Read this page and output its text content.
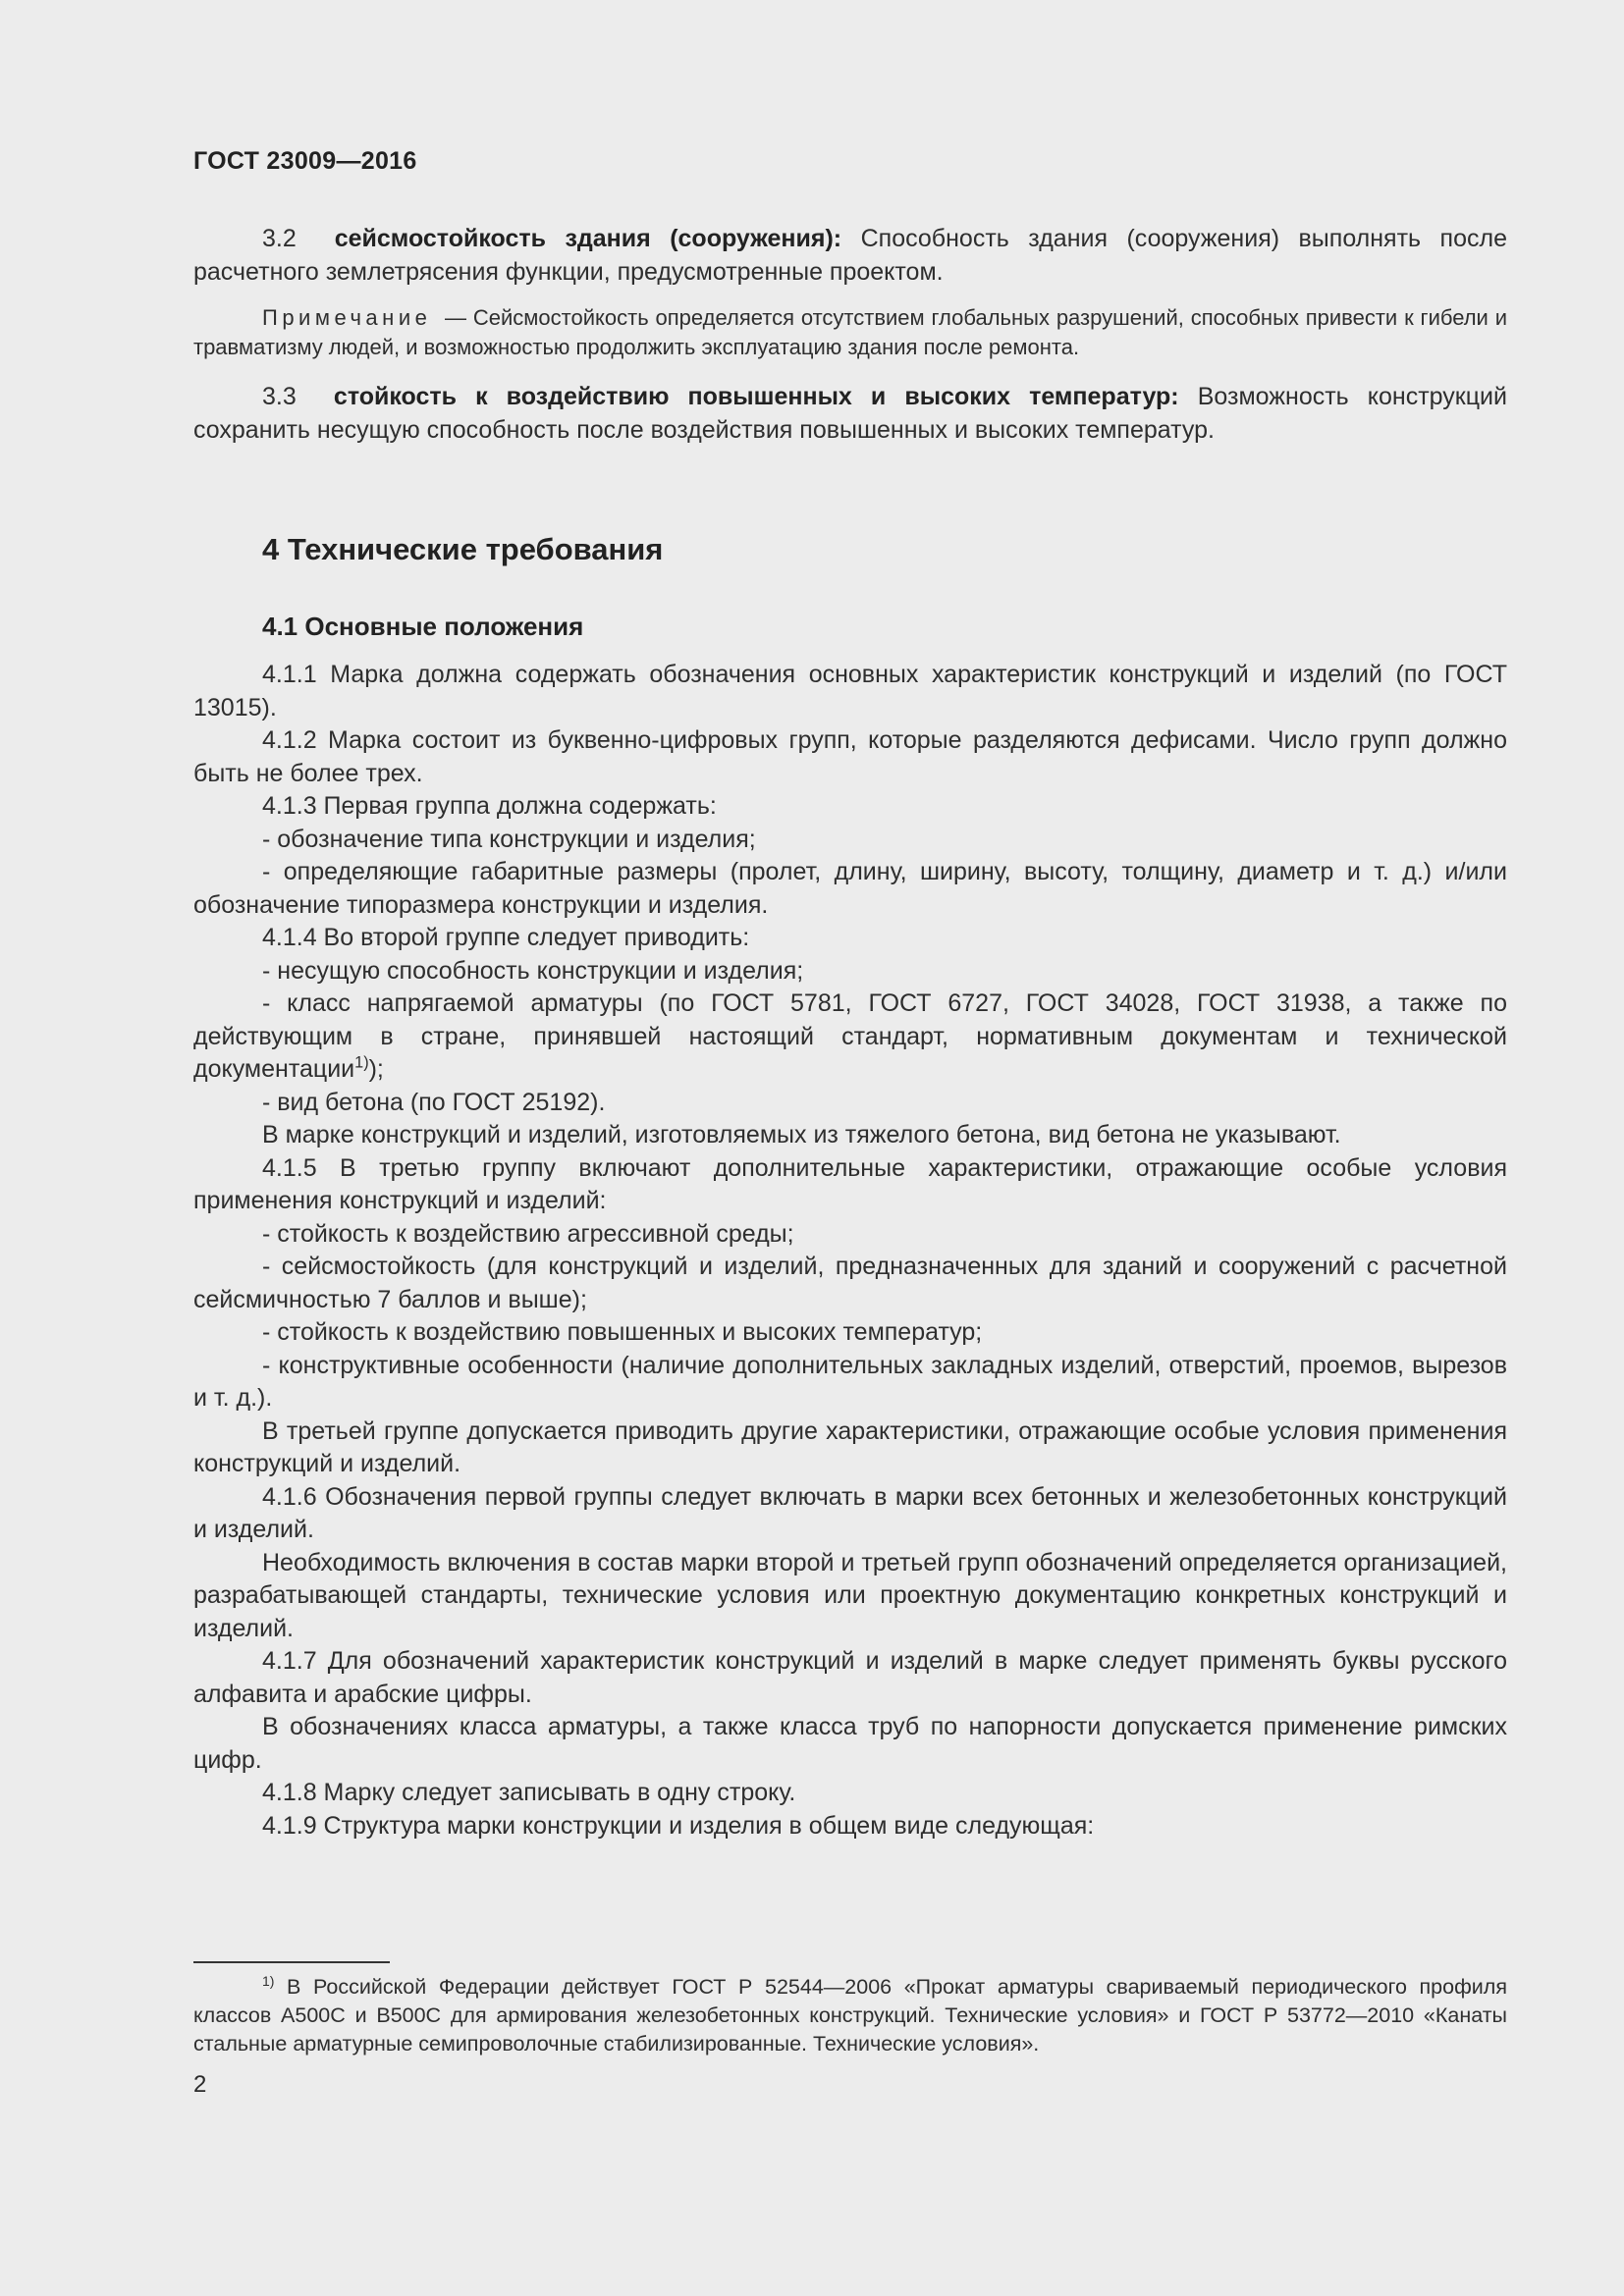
ГОСТ 23009—2016

3.2 сейсмостойкость здания (сооружения): Способность здания (сооружения) выполнять после расчетного землетрясения функции, предусмотренные проектом.

Примечание — Сейсмостойкость определяется отсутствием глобальных разрушений, способных привести к гибели и травматизму людей, и возможностью продолжить эксплуатацию здания после ремонта.

3.3 стойкость к воздействию повышенных и высоких температур: Возможность конструкций сохранить несущую способность после воздействия повышенных и высоких температур.

4 Технические требования
4.1 Основные положения

4.1.1 Марка должна содержать обозначения основных характеристик конструкций и изделий (по ГОСТ 13015).

4.1.2 Марка состоит из буквенно-цифровых групп, которые разделяются дефисами. Число групп должно быть не более трех.

4.1.3 Первая группа должна содержать:

- обозначение типа конструкции и изделия;

- определяющие габаритные размеры (пролет, длину, ширину, высоту, толщину, диаметр и т. д.) и/или обозначение типоразмера конструкции и изделия.

4.1.4 Во второй группе следует приводить:

- несущую способность конструкции и изделия;

- класс напрягаемой арматуры (по ГОСТ 5781, ГОСТ 6727, ГОСТ 34028, ГОСТ 31938, а также по действующим в стране, принявшей настоящий стандарт, нормативным документам и технической документации$^{1)}$);

- вид бетона (по ГОСТ 25192).

В марке конструкций и изделий, изготовляемых из тяжелого бетона, вид бетона не указывают.

4.1.5 В третью группу включают дополнительные характеристики, отражающие особые условия применения конструкций и изделий:

- стойкость к воздействию агрессивной среды;

- сейсмостойкость (для конструкций и изделий, предназначенных для зданий и сооружений с расчетной сейсмичностью 7 баллов и выше);

- стойкость к воздействию повышенных и высоких температур;

- конструктивные особенности (наличие дополнительных закладных изделий, отверстий, проемов, вырезов и т. д.).

В третьей группе допускается приводить другие характеристики, отражающие особые условия применения конструкций и изделий.

4.1.6 Обозначения первой группы следует включать в марки всех бетонных и железобетонных конструкций и изделий.

Необходимость включения в состав марки второй и третьей групп обозначений определяется организацией, разрабатывающей стандарты, технические условия или проектную документацию конкретных конструкций и изделий.

4.1.7 Для обозначений характеристик конструкций и изделий в марке следует применять буквы русского алфавита и арабские цифры.

В обозначениях класса арматуры, а также класса труб по напорности допускается применение римских цифр.

4.1.8 Марку следует записывать в одну строку.

4.1.9 Структура марки конструкции и изделия в общем виде следующая:

$^{1)}$ В Российской Федерации действует ГОСТ Р 52544—2006 «Прокат арматуры свариваемый периодического профиля классов А500С и В500С для армирования железобетонных конструкций. Технические условия» и ГОСТ Р 53772—2010 «Канаты стальные арматурные семипроволочные стабилизированные. Технические условия».

2
